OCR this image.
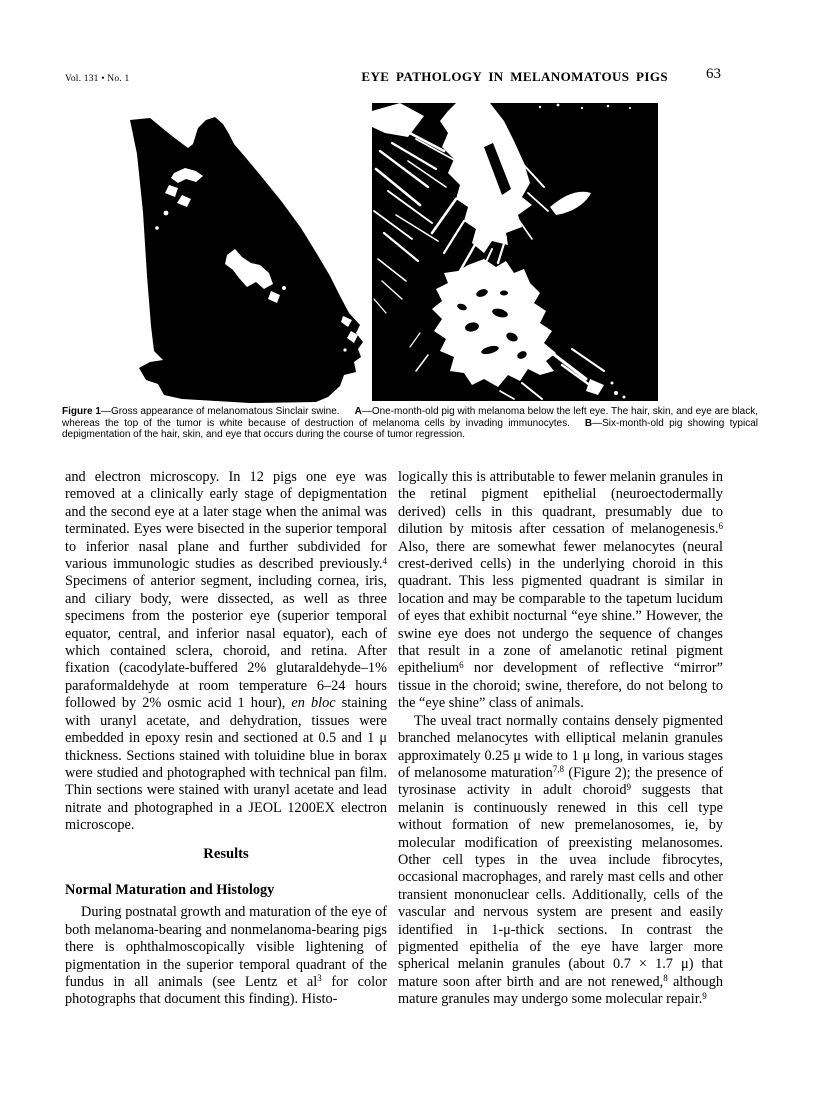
Vol. 131 • No. 1	EYE PATHOLOGY IN MELANOMATOUS PIGS	63

Figure 1—Gross appearance of melanomatous Sinclair swine.  A—One-month-old pig with melanoma below the left eye. The hair, skin, and eye are black, whereas the top of the tumor is white because of destruction of melanoma cells by invading immunocytes.  B—Six-month-old pig showing typical depigmentation of the hair, skin, and eye that occurs during the course of tumor regression.

and electron microscopy. In 12 pigs one eye was removed at a clinically early stage of depigmentation and the second eye at a later stage when the animal was terminated. Eyes were bisected in the superior temporal to inferior nasal plane and further subdivided for various immunologic studies as described previously.$^4$ Specimens of anterior segment, including cornea, iris, and ciliary body, were dissected, as well as three specimens from the posterior eye (superior temporal equator, central, and inferior nasal equator), each of which contained sclera, choroid, and retina. After fixation (cacodylate-buffered 2% glutaraldehyde–1% paraformaldehyde at room temperature 6–24 hours followed by 2% osmic acid 1 hour), en bloc staining with uranyl acetate, and dehydration, tissues were embedded in epoxy resin and sectioned at 0.5 and 1 μ thickness. Sections stained with toluidine blue in borax were studied and photographed with technical pan film. Thin sections were stained with uranyl acetate and lead nitrate and photographed in a JEOL 1200EX electron microscope.

Results
Normal Maturation and Histology

During postnatal growth and maturation of the eye of both melanoma-bearing and nonmelanoma-bearing pigs there is ophthalmoscopically visible lightening of pigmentation in the superior temporal quadrant of the fundus in all animals (see Lentz et $al^3$ for color photographs that document this finding). Histo-

logically this is attributable to fewer melanin granules in the retinal pigment epithelial (neuroectodermally derived) cells in this quadrant, presumably due to dilution by mitosis after cessation of melanogenesis.$^6$ Also, there are somewhat fewer melanocytes (neural crest-derived cells) in the underlying choroid in this quadrant. This less pigmented quadrant is similar in location and may be comparable to the tapetum lucidum of eyes that exhibit nocturnal “eye shine.” However, the swine eye does not undergo the sequence of changes that result in a zone of amelanotic retinal pigment epithelium$^6$ nor development of reflective “mirror” tissue in the choroid; swine, therefore, do not belong to the “eye shine” class of animals.

The uveal tract normally contains densely pigmented branched melanocytes with elliptical melanin granules approximately 0.25 μ wide to 1 μ long, in various stages of melanosome maturation$^{7,8}$ (Figure 2); the presence of tyrosinase activity in adult choroid$^9$ suggests that melanin is continuously renewed in this cell type without formation of new premelanosomes, ie, by molecular modification of preexisting melanosomes. Other cell types in the uvea include fibrocytes, occasional macrophages, and rarely mast cells and other transient mononuclear cells. Additionally, cells of the vascular and nervous system are present and easily identified in 1-μ-thick sections. In contrast the pigmented epithelia of the eye have larger more spherical melanin granules (about 0.7 × 1.7 μ) that mature soon after birth and are not renewed,$^8$ although mature granules may undergo some molecular repair.$^9$
